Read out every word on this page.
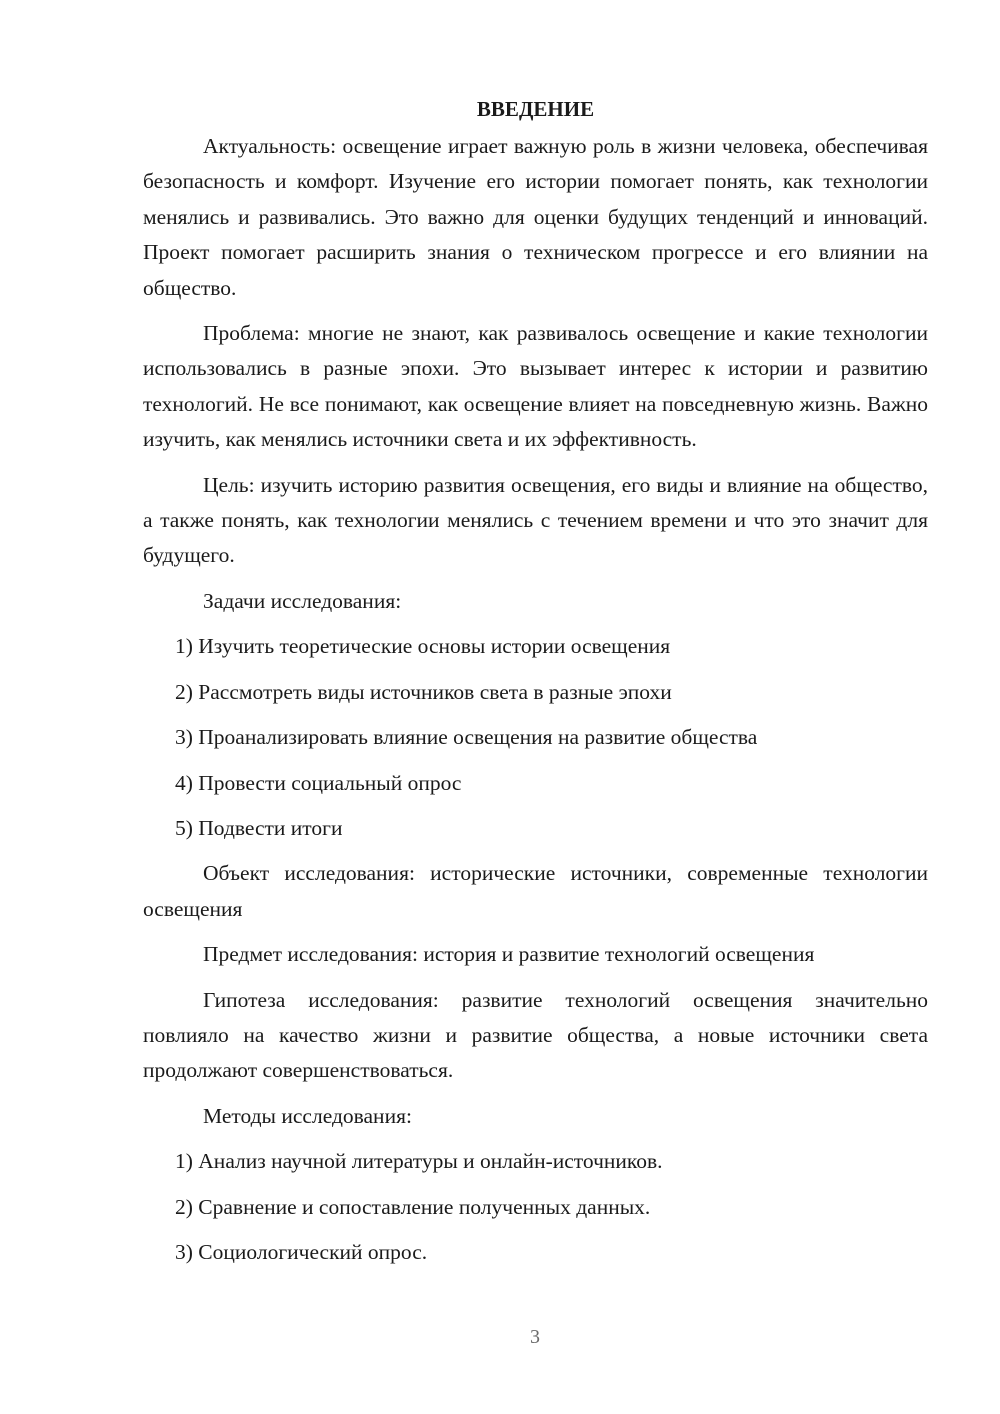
ВВЕДЕНИЕ

Актуальность: освещение играет важную роль в жизни человека, обеспечивая безопасность и комфорт. Изучение его истории помогает понять, как технологии менялись и развивались. Это важно для оценки будущих тенденций и инноваций. Проект помогает расширить знания о техническом прогрессе и его влиянии на общество.

Проблема: многие не знают, как развивалось освещение и какие технологии использовались в разные эпохи. Это вызывает интерес к истории и развитию технологий. Не все понимают, как освещение влияет на повседневную жизнь. Важно изучить, как менялись источники света и их эффективность.

Цель: изучить историю развития освещения, его виды и влияние на общество, а также понять, как технологии менялись с течением времени и что это значит для будущего.

Задачи исследования:
1) Изучить теоретические основы истории освещения
2) Рассмотреть виды источников света в разные эпохи
3) Проанализировать влияние освещения на развитие общества
4) Провести социальный опрос
5) Подвести итоги

Объект исследования: исторические источники, современные технологии освещения

Предмет исследования: история и развитие технологий освещения

Гипотеза исследования: развитие технологий освещения значительно повлияло на качество жизни и развитие общества, а новые источники света продолжают совершенствоваться.

Методы исследования:
1) Анализ научной литературы и онлайн-источников.
2) Сравнение и сопоставление полученных данных.
3) Социологический опрос.
3
